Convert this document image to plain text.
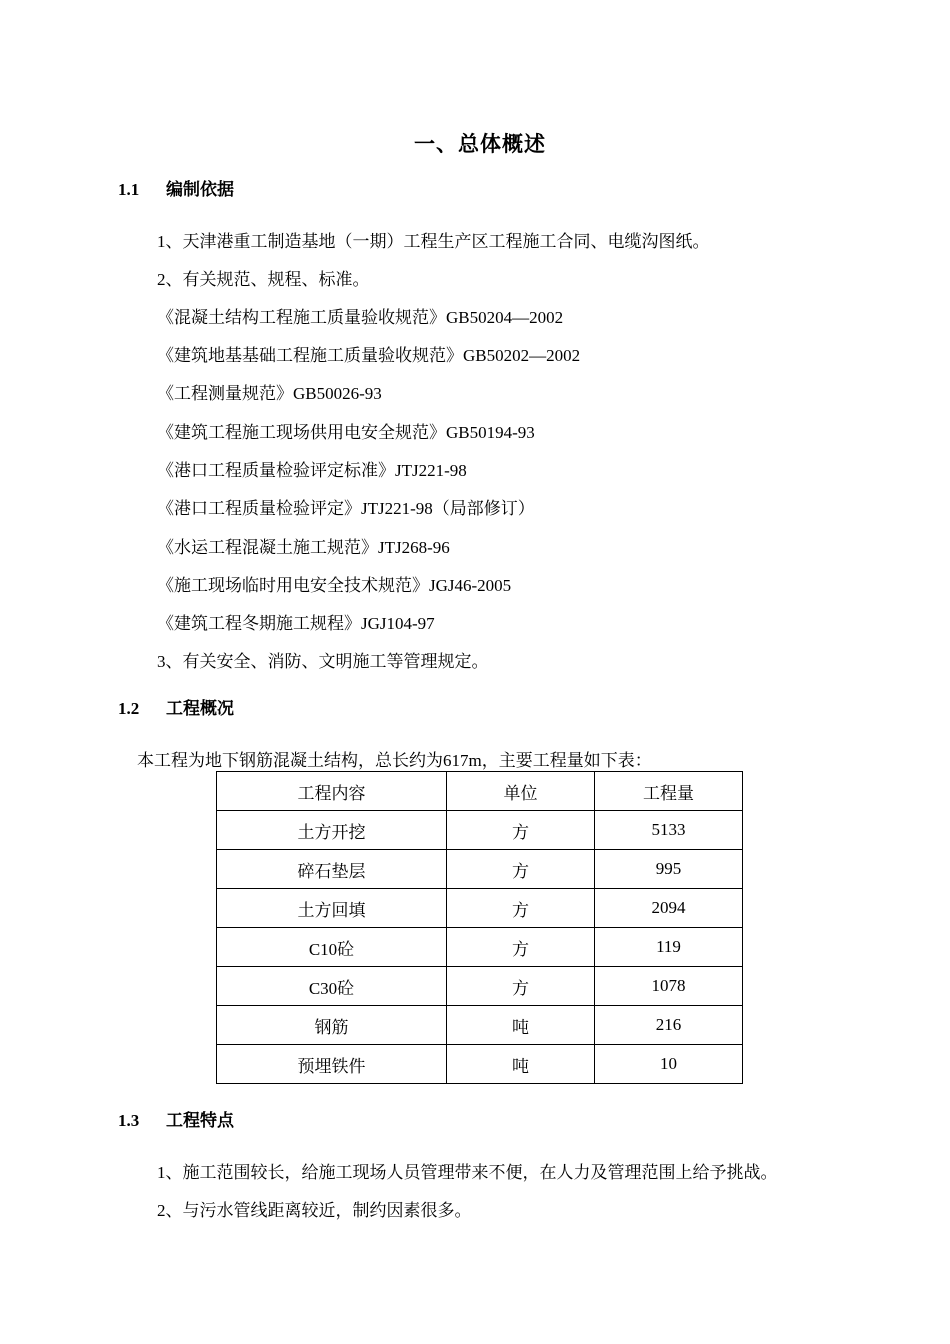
一、总体概述
1.1 编制依据
1、天津港重工制造基地（一期）工程生产区工程施工合同、电缆沟图纸。
2、有关规范、规程、标准。
《混凝土结构工程施工质量验收规范》GB50204—2002
《建筑地基基础工程施工质量验收规范》GB50202—2002
《工程测量规范》GB50026-93
《建筑工程施工现场供用电安全规范》GB50194-93
《港口工程质量检验评定标准》JTJ221-98
《港口工程质量检验评定》JTJ221-98（局部修订）
《水运工程混凝土施工规范》JTJ268-96
《施工现场临时用电安全技术规范》JGJ46-2005
《建筑工程冬期施工规程》JGJ104-97
3、有关安全、消防、文明施工等管理规定。
1.2 工程概况
本工程为地下钢筋混凝土结构，总长约为617m，主要工程量如下表：
工程内容	单位	工程量
土方开挖	方	5133
碎石垫层	方	995
土方回填	方	2094
C10砼	方	119
C30砼	方	1078
钢筋	吨	216
预埋铁件	吨	10
1.3 工程特点
1、施工范围较长，给施工现场人员管理带来不便，在人力及管理范围上给予挑战。
2、与污水管线距离较近，制约因素很多。
